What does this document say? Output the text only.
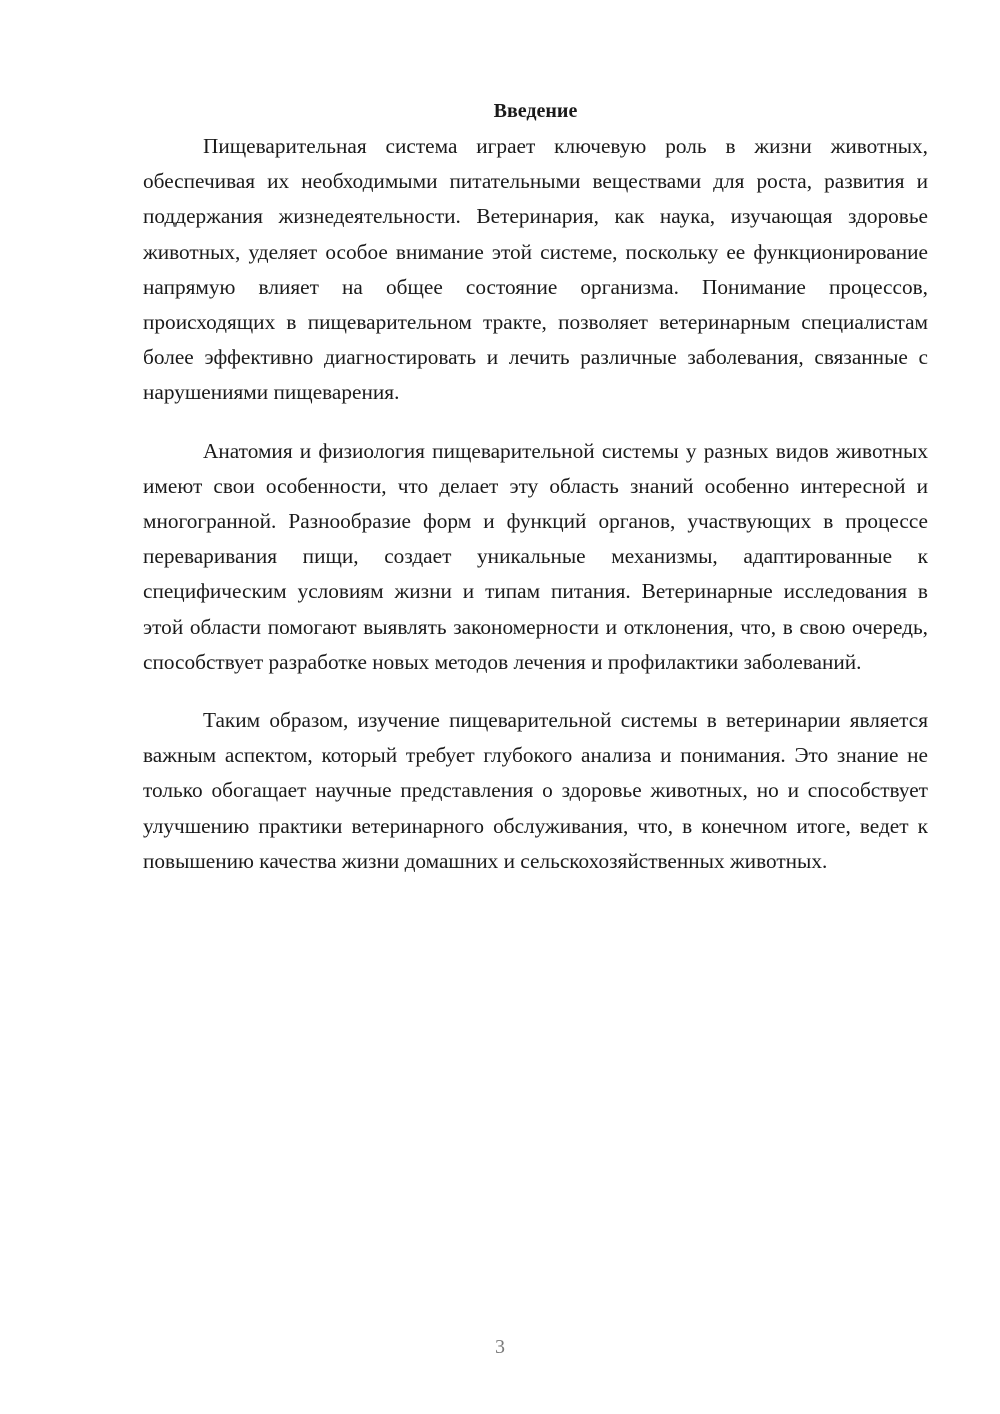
Введение

Пищеварительная система играет ключевую роль в жизни животных, обеспечивая их необходимыми питательными веществами для роста, развития и поддержания жизнедеятельности. Ветеринария, как наука, изучающая здоровье животных, уделяет особое внимание этой системе, поскольку ее функционирование напрямую влияет на общее состояние организма. Понимание процессов, происходящих в пищеварительном тракте, позволяет ветеринарным специалистам более эффективно диагностировать и лечить различные заболевания, связанные с нарушениями пищеварения.

Анатомия и физиология пищеварительной системы у разных видов животных имеют свои особенности, что делает эту область знаний особенно интересной и многогранной. Разнообразие форм и функций органов, участвующих в процессе переваривания пищи, создает уникальные механизмы, адаптированные к специфическим условиям жизни и типам питания. Ветеринарные исследования в этой области помогают выявлять закономерности и отклонения, что, в свою очередь, способствует разработке новых методов лечения и профилактики заболеваний.

Таким образом, изучение пищеварительной системы в ветеринарии является важным аспектом, который требует глубокого анализа и понимания. Это знание не только обогащает научные представления о здоровье животных, но и способствует улучшению практики ветеринарного обслуживания, что, в конечном итоге, ведет к повышению качества жизни домашних и сельскохозяйственных животных.

3
